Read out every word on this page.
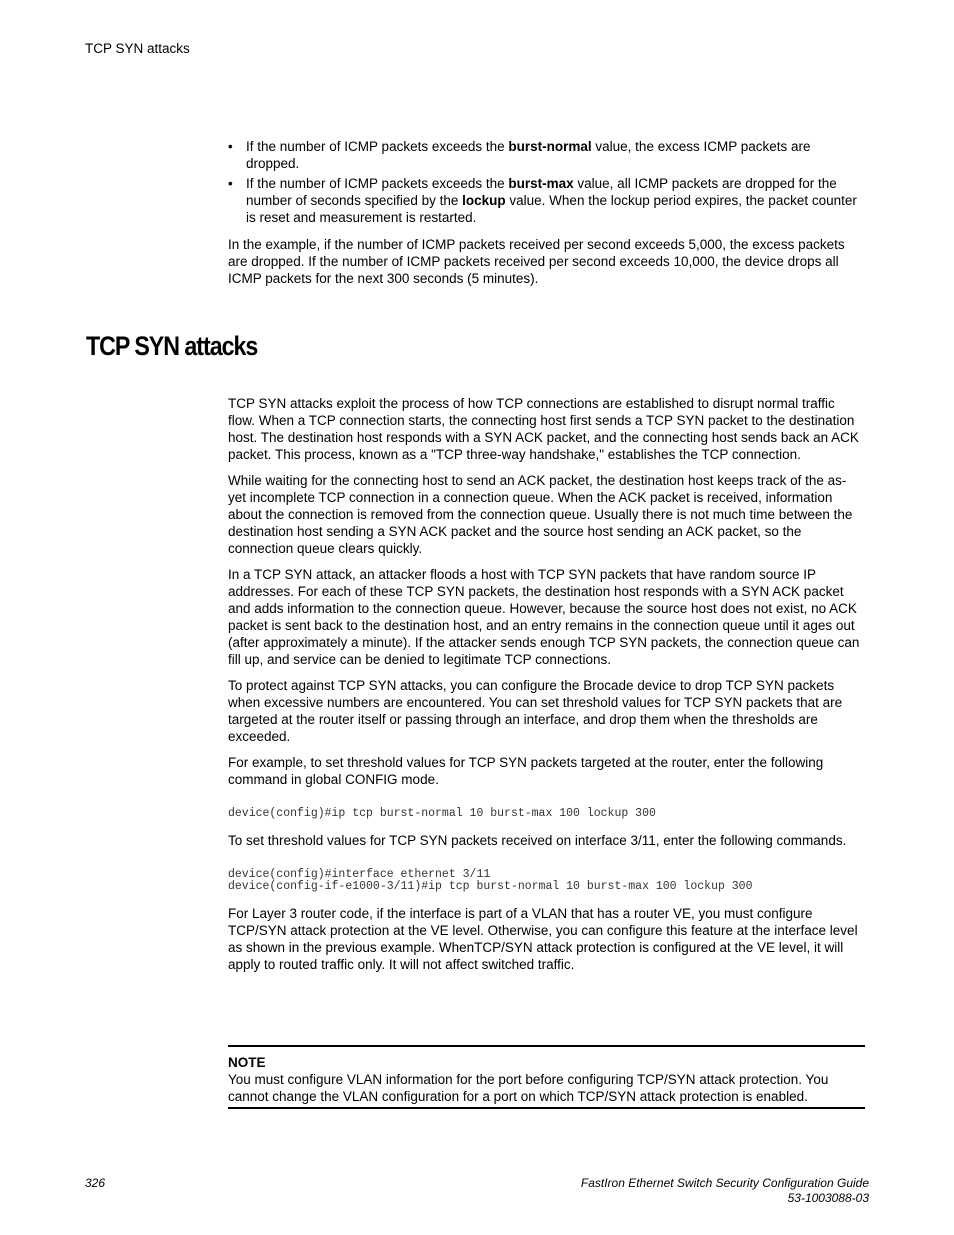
TCP SYN attacks
• If the number of ICMP packets exceeds the burst-normal value, the excess ICMP packets are dropped.
• If the number of ICMP packets exceeds the burst-max value, all ICMP packets are dropped for the number of seconds specified by the lockup value. When the lockup period expires, the packet counter is reset and measurement is restarted.

In the example, if the number of ICMP packets received per second exceeds 5,000, the excess packets are dropped. If the number of ICMP packets received per second exceeds 10,000, the device drops all ICMP packets for the next 300 seconds (5 minutes).

TCP SYN attacks

TCP SYN attacks exploit the process of how TCP connections are established to disrupt normal traffic flow. When a TCP connection starts, the connecting host first sends a TCP SYN packet to the destination host. The destination host responds with a SYN ACK packet, and the connecting host sends back an ACK packet. This process, known as a "TCP three-way handshake," establishes the TCP connection.

While waiting for the connecting host to send an ACK packet, the destination host keeps track of the as-yet incomplete TCP connection in a connection queue. When the ACK packet is received, information about the connection is removed from the connection queue. Usually there is not much time between the destination host sending a SYN ACK packet and the source host sending an ACK packet, so the connection queue clears quickly.

In a TCP SYN attack, an attacker floods a host with TCP SYN packets that have random source IP addresses. For each of these TCP SYN packets, the destination host responds with a SYN ACK packet and adds information to the connection queue. However, because the source host does not exist, no ACK packet is sent back to the destination host, and an entry remains in the connection queue until it ages out (after approximately a minute). If the attacker sends enough TCP SYN packets, the connection queue can fill up, and service can be denied to legitimate TCP connections.

To protect against TCP SYN attacks, you can configure the Brocade device to drop TCP SYN packets when excessive numbers are encountered. You can set threshold values for TCP SYN packets that are targeted at the router itself or passing through an interface, and drop them when the thresholds are exceeded.

For example, to set threshold values for TCP SYN packets targeted at the router, enter the following command in global CONFIG mode.

device(config)#ip tcp burst-normal 10 burst-max 100 lockup 300

To set threshold values for TCP SYN packets received on interface 3/11, enter the following commands.

device(config)#interface ethernet 3/11
device(config-if-e1000-3/11)#ip tcp burst-normal 10 burst-max 100 lockup 300

For Layer 3 router code, if the interface is part of a VLAN that has a router VE, you must configure TCP/SYN attack protection at the VE level. Otherwise, you can configure this feature at the interface level as shown in the previous example. WhenTCP/SYN attack protection is configured at the VE level, it will apply to routed traffic only. It will not affect switched traffic.

NOTE
You must configure VLAN information for the port before configuring TCP/SYN attack protection. You cannot change the VLAN configuration for a port on which TCP/SYN attack protection is enabled.
326	FastIron Ethernet Switch Security Configuration Guide
53-1003088-03
